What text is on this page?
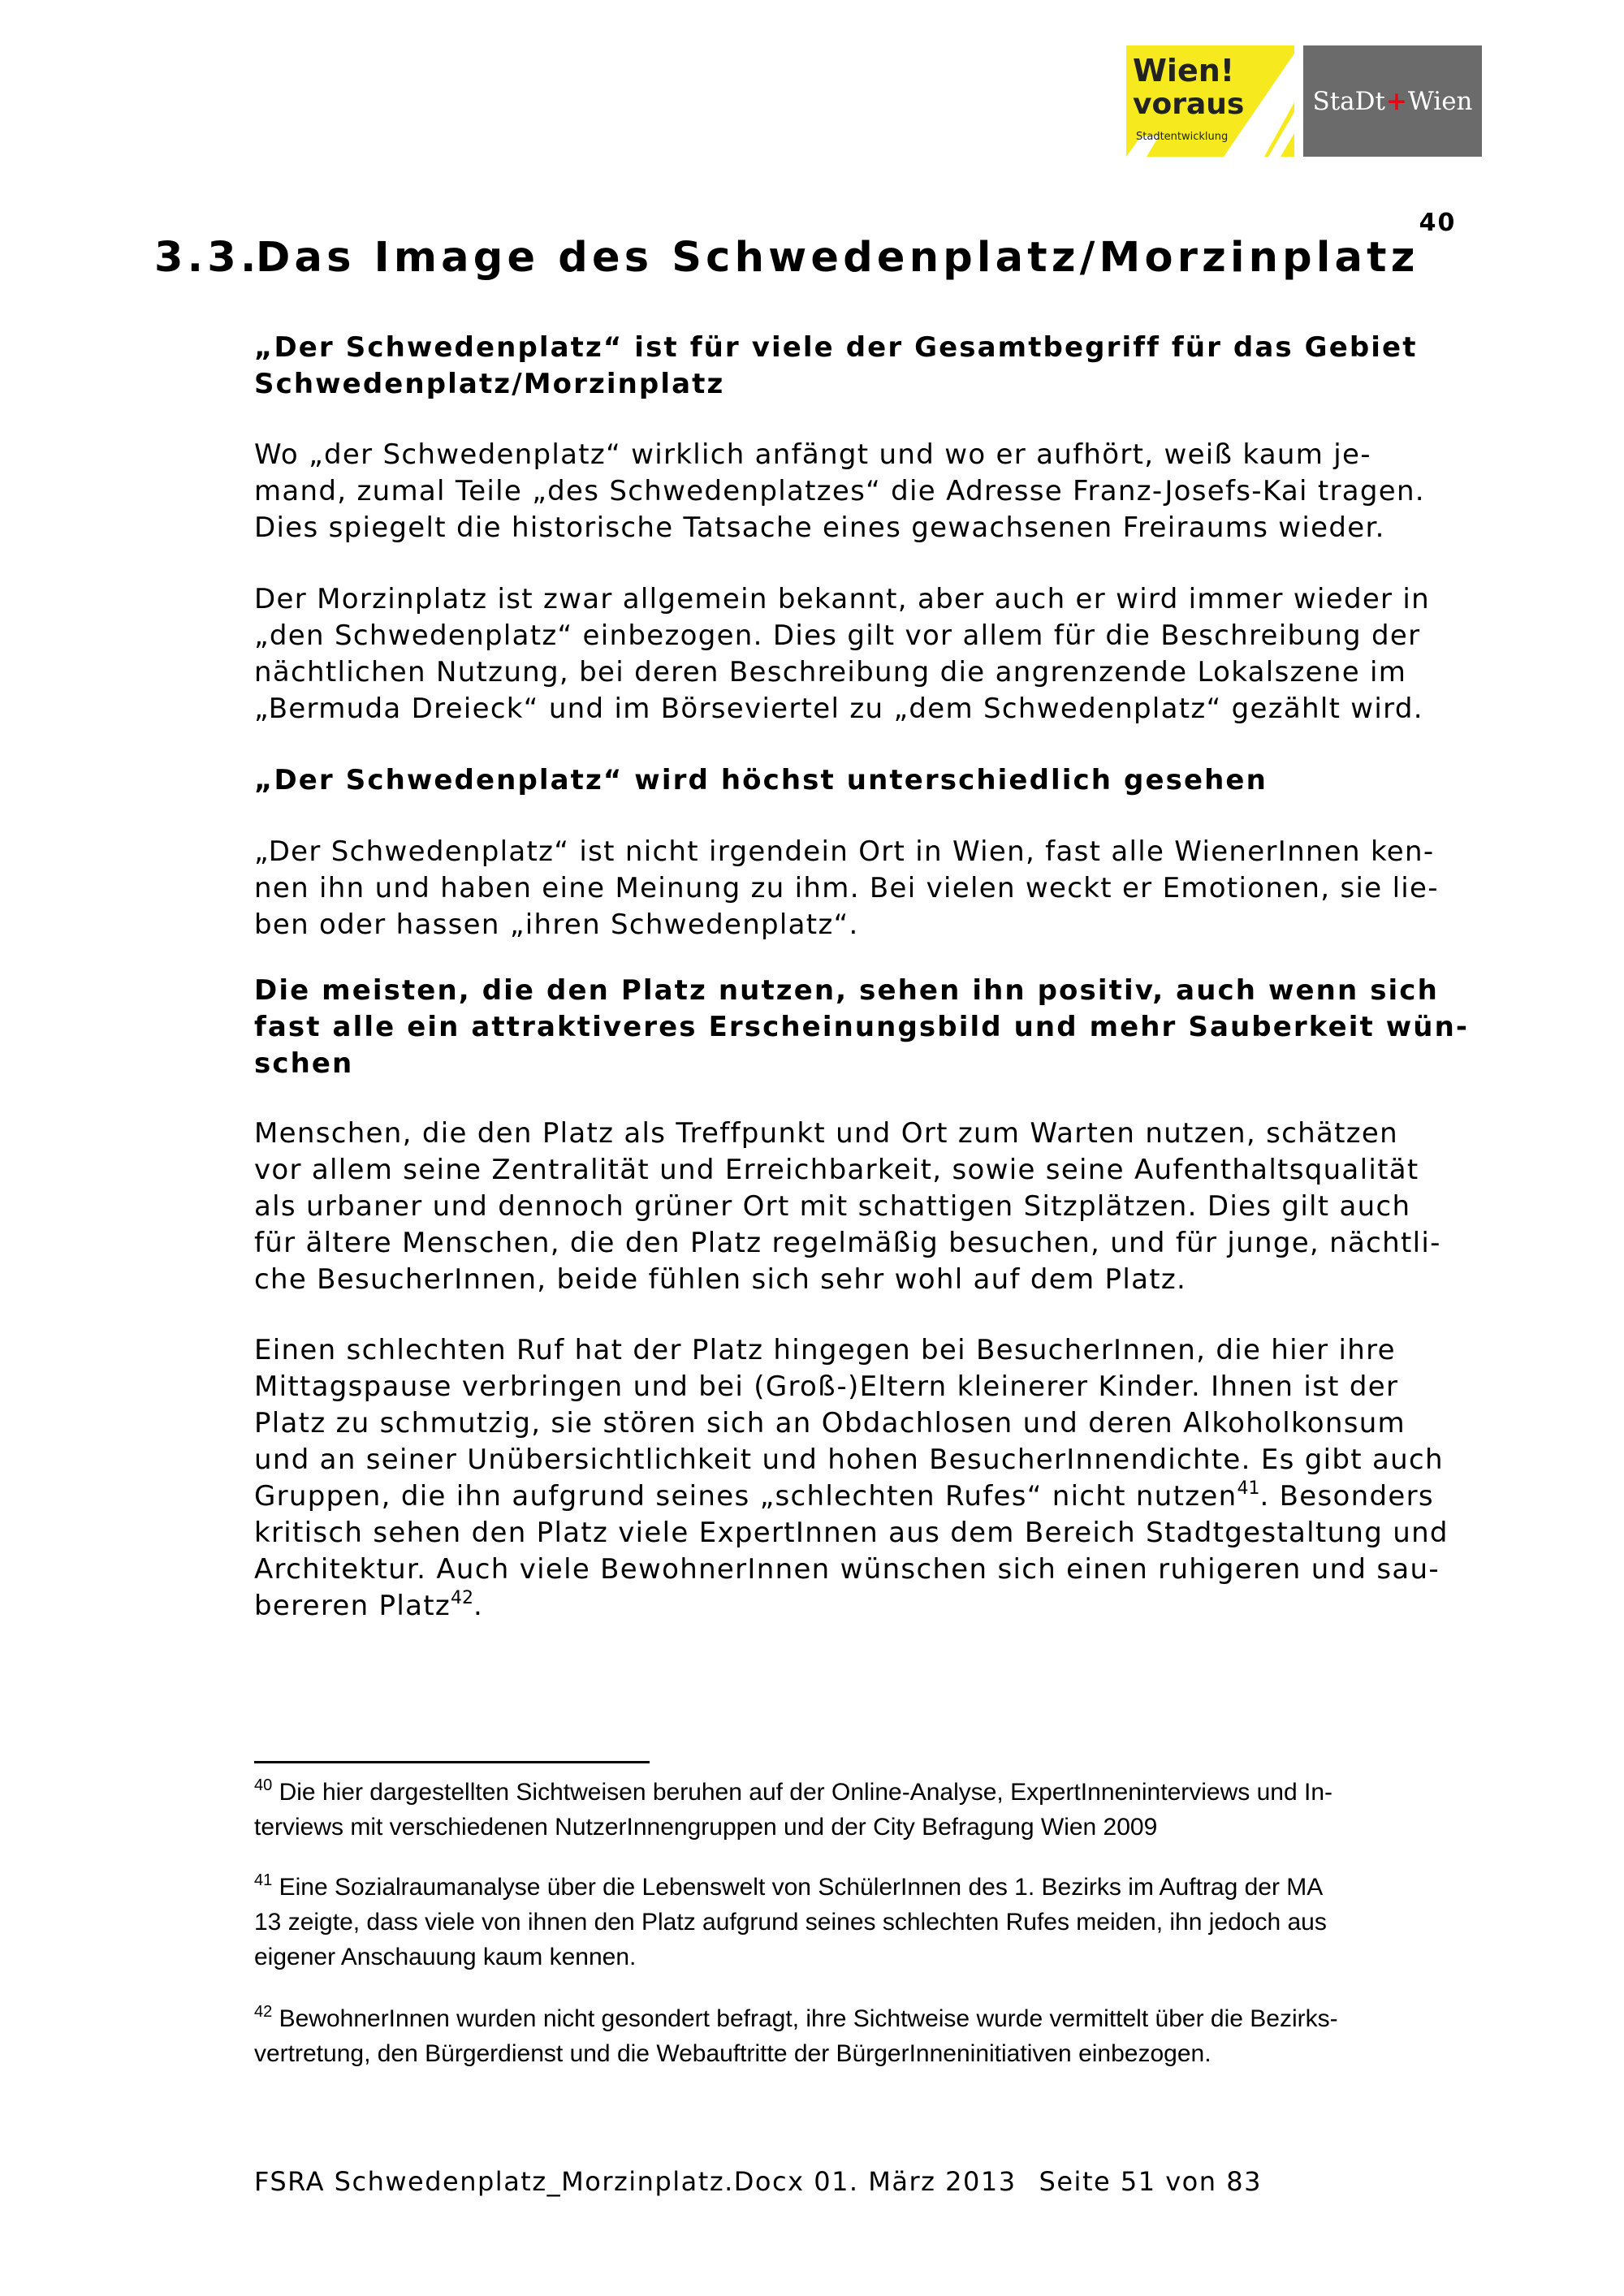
Wien!
voraus
Stadtentwicklung
StaDt + Wien
3.3.Das Image des Schwedenplatz/Morzinplatz$^{40}$
„Der Schwedenplatz“ ist für viele der Gesamtbegriff für das Gebiet
Schwedenplatz/Morzinplatz
Wo „der Schwedenplatz“ wirklich anfängt und wo er aufhört, weiß kaum je-
mand, zumal Teile „des Schwedenplatzes“ die Adresse Franz-Josefs-Kai tragen.
Dies spiegelt die historische Tatsache eines gewachsenen Freiraums wieder.
Der Morzinplatz ist zwar allgemein bekannt, aber auch er wird immer wieder in
„den Schwedenplatz“ einbezogen. Dies gilt vor allem für die Beschreibung der
nächtlichen Nutzung, bei deren Beschreibung die angrenzende Lokalszene im
„Bermuda Dreieck“ und im Börseviertel zu „dem Schwedenplatz“ gezählt wird.
„Der Schwedenplatz“ wird höchst unterschiedlich gesehen
„Der Schwedenplatz“ ist nicht irgendein Ort in Wien, fast alle WienerInnen ken-
nen ihn und haben eine Meinung zu ihm. Bei vielen weckt er Emotionen, sie lie-
ben oder hassen „ihren Schwedenplatz“.
Die meisten, die den Platz nutzen, sehen ihn positiv, auch wenn sich
fast alle ein attraktiveres Erscheinungsbild und mehr Sauberkeit wün-
schen
Menschen, die den Platz als Treffpunkt und Ort zum Warten nutzen, schätzen
vor allem seine Zentralität und Erreichbarkeit, sowie seine Aufenthaltsqualität
als urbaner und dennoch grüner Ort mit schattigen Sitzplätzen. Dies gilt auch
für ältere Menschen, die den Platz regelmäßig besuchen, und für junge, nächtli-
che BesucherInnen, beide fühlen sich sehr wohl auf dem Platz.
Einen schlechten Ruf hat der Platz hingegen bei BesucherInnen, die hier ihre
Mittagspause verbringen und bei (Groß-)Eltern kleinerer Kinder. Ihnen ist der
Platz zu schmutzig, sie stören sich an Obdachlosen und deren Alkoholkonsum
und an seiner Unübersichtlichkeit und hohen BesucherInnendichte. Es gibt auch
Gruppen, die ihn aufgrund seines „schlechten Rufes“ nicht nutzen$^{41}$. Besonders
kritisch sehen den Platz viele ExpertInnen aus dem Bereich Stadtgestaltung und
Architektur. Auch viele BewohnerInnen wünschen sich einen ruhigeren und sau-
bereren Platz$^{42}$.
$^{40}$ Die hier dargestellten Sichtweisen beruhen auf der Online-Analyse, ExpertInneninterviews und In-
terviews mit verschiedenen NutzerInnengruppen und der City Befragung Wien 2009
$^{41}$ Eine Sozialraumanalyse über die Lebenswelt von SchülerInnen des 1. Bezirks im Auftrag der MA
13 zeigte, dass viele von ihnen den Platz aufgrund seines schlechten Rufes meiden, ihn jedoch aus
eigener Anschauung kaum kennen.
$^{42}$ BewohnerInnen wurden nicht gesondert befragt, ihre Sichtweise wurde vermittelt über die Bezirks-
vertretung, den Bürgerdienst und die Webauftritte der BürgerInneninitiativen einbezogen.
FSRA Schwedenplatz_Morzinplatz.Docx 01. März 2013 Seite 51 von 83
